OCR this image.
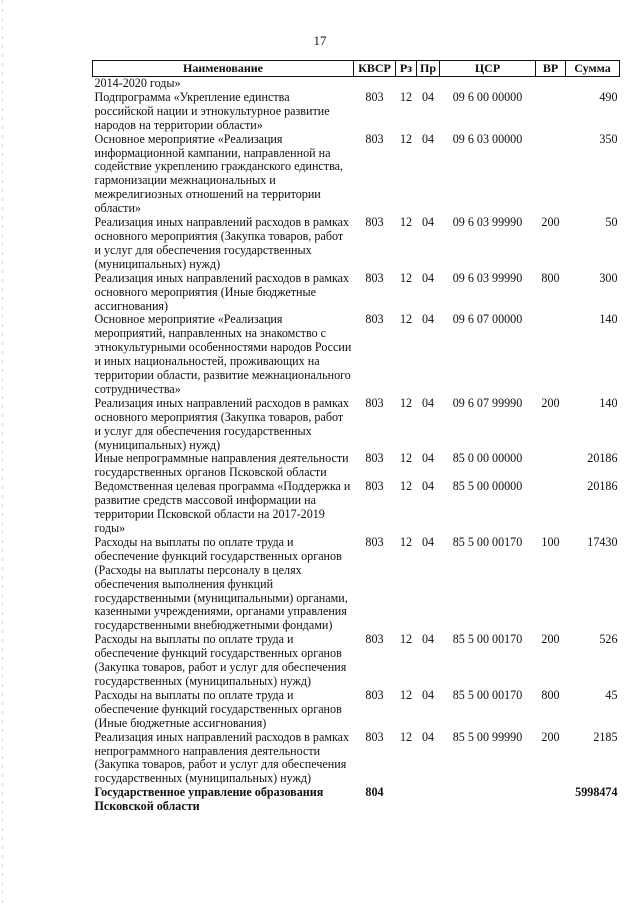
17
Наименование	КВСР	Рз	Пр	ЦСР	ВР	Сумма
2014-2020 годы»						
Подпрограмма «Укрепление единства российской нации и этнокультурное развитие народов на территории области»	803	12	04	09 6 00 00000		490
Основное мероприятие «Реализация информационной кампании, направленной на содействие укреплению гражданского единства, гармонизации межнациональных и межрелигиозных отношений на территории области»	803	12	04	09 6 03 00000		350
Реализация иных направлений расходов в рамках основного мероприятия (Закупка товаров, работ и услуг для обеспечения государственных (муниципальных) нужд)	803	12	04	09 6 03 99990	200	50
Реализация иных направлений расходов в рамках основного мероприятия (Иные бюджетные ассигнования)	803	12	04	09 6 03 99990	800	300
Основное мероприятие «Реализация мероприятий, направленных на знакомство с этнокультурными особенностями народов России и иных национальностей, проживающих на территории области, развитие межнационального сотрудничества»	803	12	04	09 6 07 00000		140
Реализация иных направлений расходов в рамках основного мероприятия (Закупка товаров, работ и услуг для обеспечения государственных (муниципальных) нужд)	803	12	04	09 6 07 99990	200	140
Иные непрограммные направления деятельности государственных органов Псковской области	803	12	04	85 0 00 00000		20186
Ведомственная целевая программа «Поддержка и развитие средств массовой информации на территории Псковской области на 2017-2019 годы»	803	12	04	85 5 00 00000		20186
Расходы на выплаты по оплате труда и обеспечение функций государственных органов (Расходы на выплаты персоналу в целях обеспечения выполнения функций государственными (муниципальными) органами, казенными учреждениями, органами управления государственными внебюджетными фондами)	803	12	04	85 5 00 00170	100	17430
Расходы на выплаты по оплате труда и обеспечение функций государственных органов (Закупка товаров, работ и услуг для обеспечения государственных (муниципальных) нужд)	803	12	04	85 5 00 00170	200	526
Расходы на выплаты по оплате труда и обеспечение функций государственных органов (Иные бюджетные ассигнования)	803	12	04	85 5 00 00170	800	45
Реализация иных направлений расходов в рамках непрограммного направления деятельности (Закупка товаров, работ и услуг для обеспечения государственных (муниципальных) нужд)	803	12	04	85 5 00 99990	200	2185
Государственное управление образования Псковской области	804					5998474
